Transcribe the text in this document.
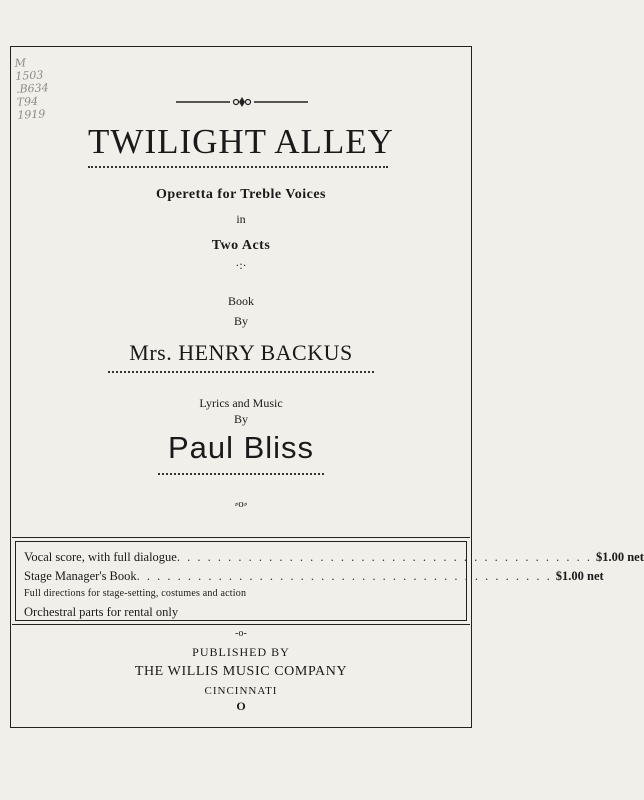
M
1503
.B634
T94
1919
TWILIGHT ALLEY
Operetta for Treble Voices
in
Two Acts
·:·
Book
By
Mrs. HENRY BACKUS
Lyrics and Music
By
Paul Bliss
⸗o⸗
Vocal score, with full dialogue . . . . . . . . . . . . . . . . . . . . . . . . . . . . . . . . . . . . . . . . . $1.00 net
Stage Manager's Book . . . . . . . . . . . . . . . . . . . . . . . . . . . . . . . . . . . . . . . . . $1.00 net
Full directions for stage-setting, costumes and action
Orchestral parts for rental only
-o-
PUBLISHED BY
THE WILLIS MUSIC COMPANY
CINCINNATI
O
